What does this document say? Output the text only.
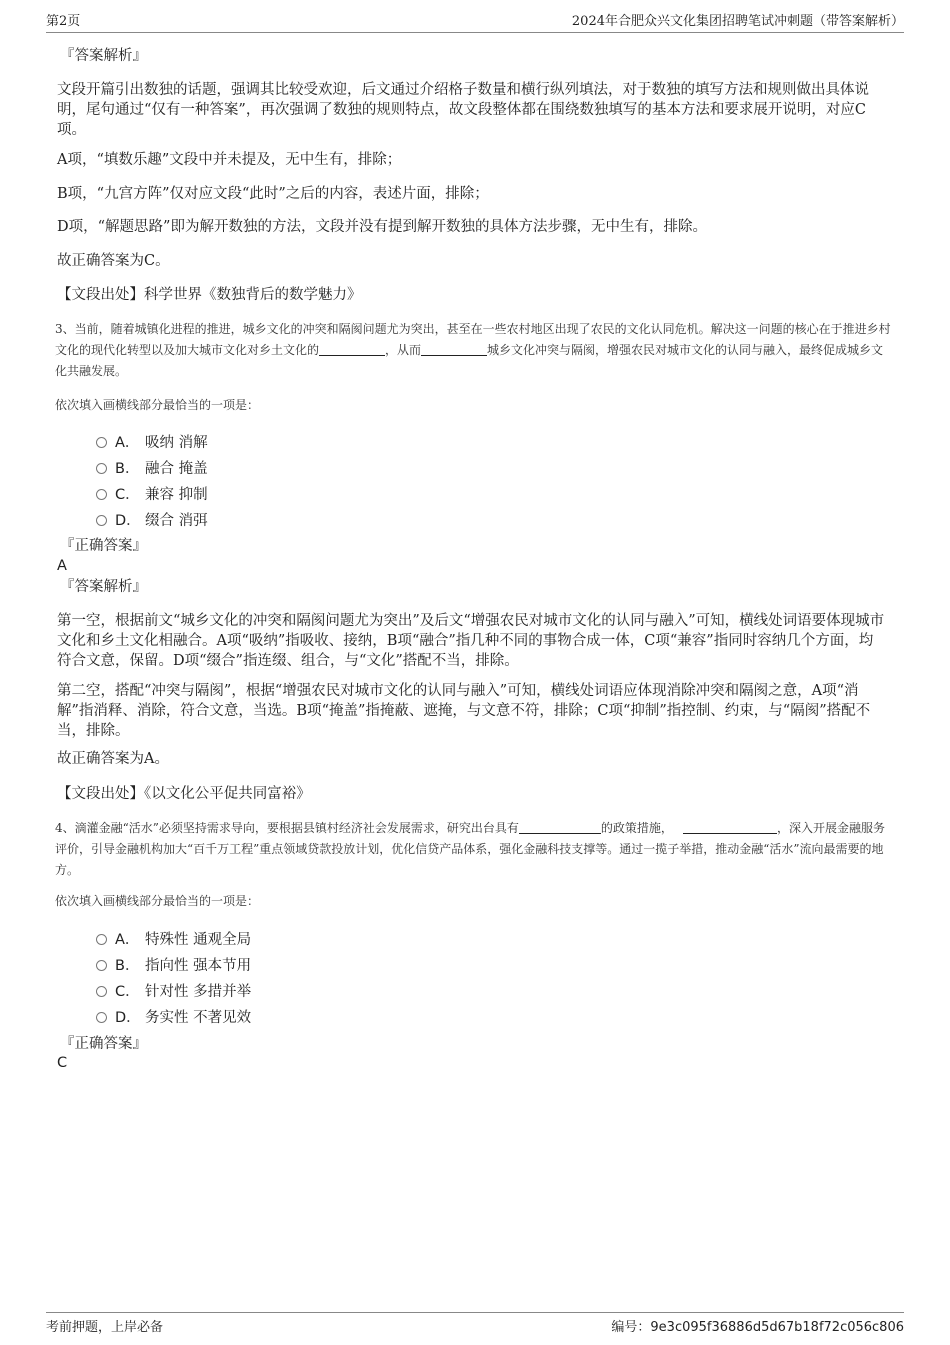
第2页	2024年合肥众兴文化集团招聘笔试冲刺题（带答案解析）

『答案解析』

文段开篇引出数独的话题，强调其比较受欢迎，后文通过介绍格子数量和横行纵列填法，对于数独的填写方法和规则做出具体说明，尾句通过“仅有一种答案”，再次强调了数独的规则特点，故文段整体都在围绕数独填写的基本方法和要求展开说明，对应C项。

A项，“填数乐趣”文段中并未提及，无中生有，排除；

B项，“九宫方阵”仅对应文段“此时”之后的内容，表述片面，排除；

D项，“解题思路”即为解开数独的方法，文段并没有提到解开数独的具体方法步骤，无中生有，排除。

故正确答案为C。

【文段出处】科学世界《数独背后的数学魅力》

3、当前，随着城镇化进程的推进，城乡文化的冲突和隔阂问题尤为突出，甚至在一些农村地区出现了农民的文化认同危机。解决这一问题的核心在于推进乡村文化的现代化转型以及加大城市文化对乡土文化的	，从而	城乡文化冲突与隔阂，增强农民对城市文化的认同与融入，最终促成城乡文化共融发展。

依次填入画横线部分最恰当的一项是：

A． 吸纳 消解
B． 融合 掩盖
C． 兼容 抑制
D． 缀合 消弭

『正确答案』

A

『答案解析』

第一空，根据前文“城乡文化的冲突和隔阂问题尤为突出”及后文“增强农民对城市文化的认同与融入”可知，横线处词语要体现城市文化和乡土文化相融合。A项“吸纳”指吸收、接纳，B项“融合”指几种不同的事物合成一体，C项“兼容”指同时容纳几个方面，均符合文意，保留。D项“缀合”指连缀、组合，与“文化”搭配不当，排除。

第二空，搭配“冲突与隔阂”，根据“增强农民对城市文化的认同与融入”可知，横线处词语应体现消除冲突和隔阂之意，A项“消解”指消释、消除，符合文意，当选。B项“掩盖”指掩蔽、遮掩，与文意不符，排除；C项“抑制”指控制、约束，与“隔阂”搭配不当，排除。

故正确答案为A。

【文段出处】《以文化公平促共同富裕》

4、滴灌金融“活水”必须坚持需求导向，要根据县镇村经济社会发展需求，研究出台具有	的政策措施，	，深入开展金融服务评价，引导金融机构加大“百千万工程”重点领域贷款投放计划，优化信贷产品体系，强化金融科技支撑等。通过一揽子举措，推动金融“活水”流向最需要的地方。

依次填入画横线部分最恰当的一项是：

A． 特殊性 通观全局
B． 指向性 强本节用
C． 针对性 多措并举
D． 务实性 不著见效

『正确答案』

C

考前押题，上岸必备	编号：9e3c095f36886d5d67b18f72c056c806
